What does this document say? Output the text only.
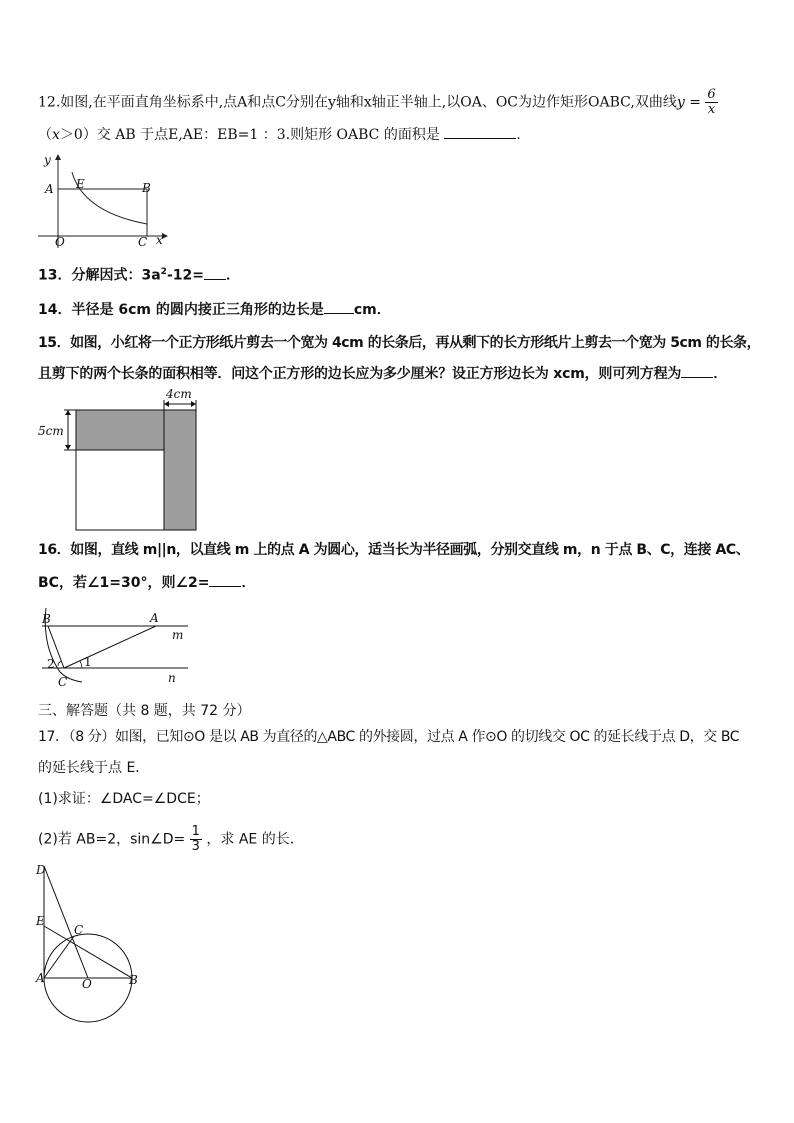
12.如图,在平面直角坐标系中,点A和点C分别在y轴和x轴正半轴上,以OA、OC为边作矩形OABC,双曲线$y = \frac{6}{x}$
（x＞0）交 AB 于点E,AE：EB=1 ：3.则矩形 OABC 的面积是	.
y
A E	B
O	C x
13．分解因式：$3a^2-12=$ ．
14．半径是 6cm 的圆内接正三角形的边长是 cm．
15．如图，小红将一个正方形纸片剪去一个宽为 4cm 的长条后，再从剩下的长方形纸片上剪去一个宽为 5cm 的长条，
且剪下的两个长条的面积相等．问这个正方形的边长应为多少厘米？设正方形边长为 xcm，则可列方程为 ．
4cm
5cm
16．如图，直线 m||n，以直线 m 上的点 A 为圆心，适当长为半径画弧，分别交直线 m，n 于点 B、C，连接 AC、
BC，若∠1=30°，则∠2= ．
B	A
m
n
C
1
2
三、解答题（共 8 题，共 72 分）
17．（8 分）如图，已知⊙O 是以 AB 为直径的△ABC 的外接圆，过点 A 作⊙O 的切线交 OC 的延长线于点 D，交 BC
的延长线于点 E．
(1)求证：∠DAC=∠DCE；
(2)若 AB=2，sin∠D= $\frac{1}{3}$ ，求 AE 的长．
D
E
C
A	O	B
